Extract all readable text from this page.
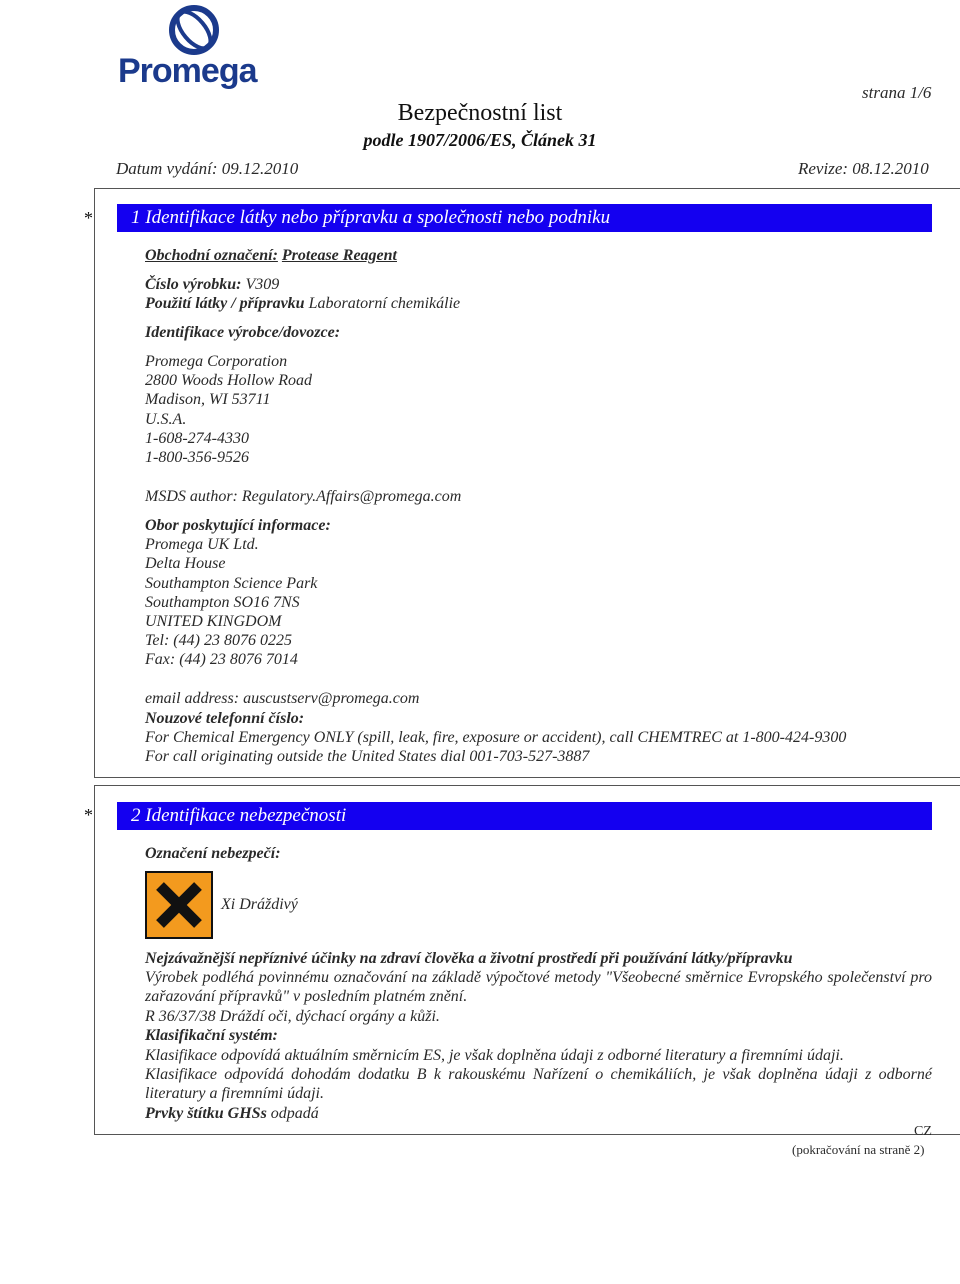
Promega
strana 1/6
Bezpečnostní list
podle 1907/2006/ES, Článek 31
Datum vydání: 09.12.2010	Revize: 08.12.2010
*	1 Identifikace látky nebo přípravku a společnosti nebo podniku
Obchodní označení: Protease Reagent
Číslo výrobku: V309
Použití látky / přípravku Laboratorní chemikálie
Identifikace výrobce/dovozce:
Promega Corporation
2800 Woods Hollow Road
Madison, WI 53711
U.S.A.
1-608-274-4330
1-800-356-9526
MSDS author: Regulatory.Affairs@promega.com
Obor poskytující informace:
Promega UK Ltd.
Delta House
Southampton Science Park
Southampton SO16 7NS
UNITED KINGDOM
Tel: (44) 23 8076 0225
Fax: (44) 23 8076 7014
email address: auscustserv@promega.com
Nouzové telefonní číslo:
For Chemical Emergency ONLY (spill, leak, fire, exposure or accident), call CHEMTREC at 1-800-424-9300
For call originating outside the United States dial 001-703-527-3887
*	2 Identifikace nebezpečnosti
Označení nebezpečí:
Xi Dráždivý
Nejzávažnější nepříznivé účinky na zdraví člověka a životní prostředí při používání látky/přípravku
Výrobek podléhá povinnému označování na základě výpočtové metody "Všeobecné směrnice Evropského společenství pro zařazování přípravků" v posledním platném znění.
R 36/37/38 Dráždí oči, dýchací orgány a kůži.
Klasifikační systém:
Klasifikace odpovídá aktuálním směrnicím ES, je však doplněna údaji z odborné literatury a firemními údaji.
Klasifikace odpovídá dohodám dodatku B k rakouskému Nařízení o chemikáliích, je však doplněna údaji z odborné literatury a firemními údaji.
Prvky štítku GHSs odpadá
CZ
(pokračování na straně 2)
